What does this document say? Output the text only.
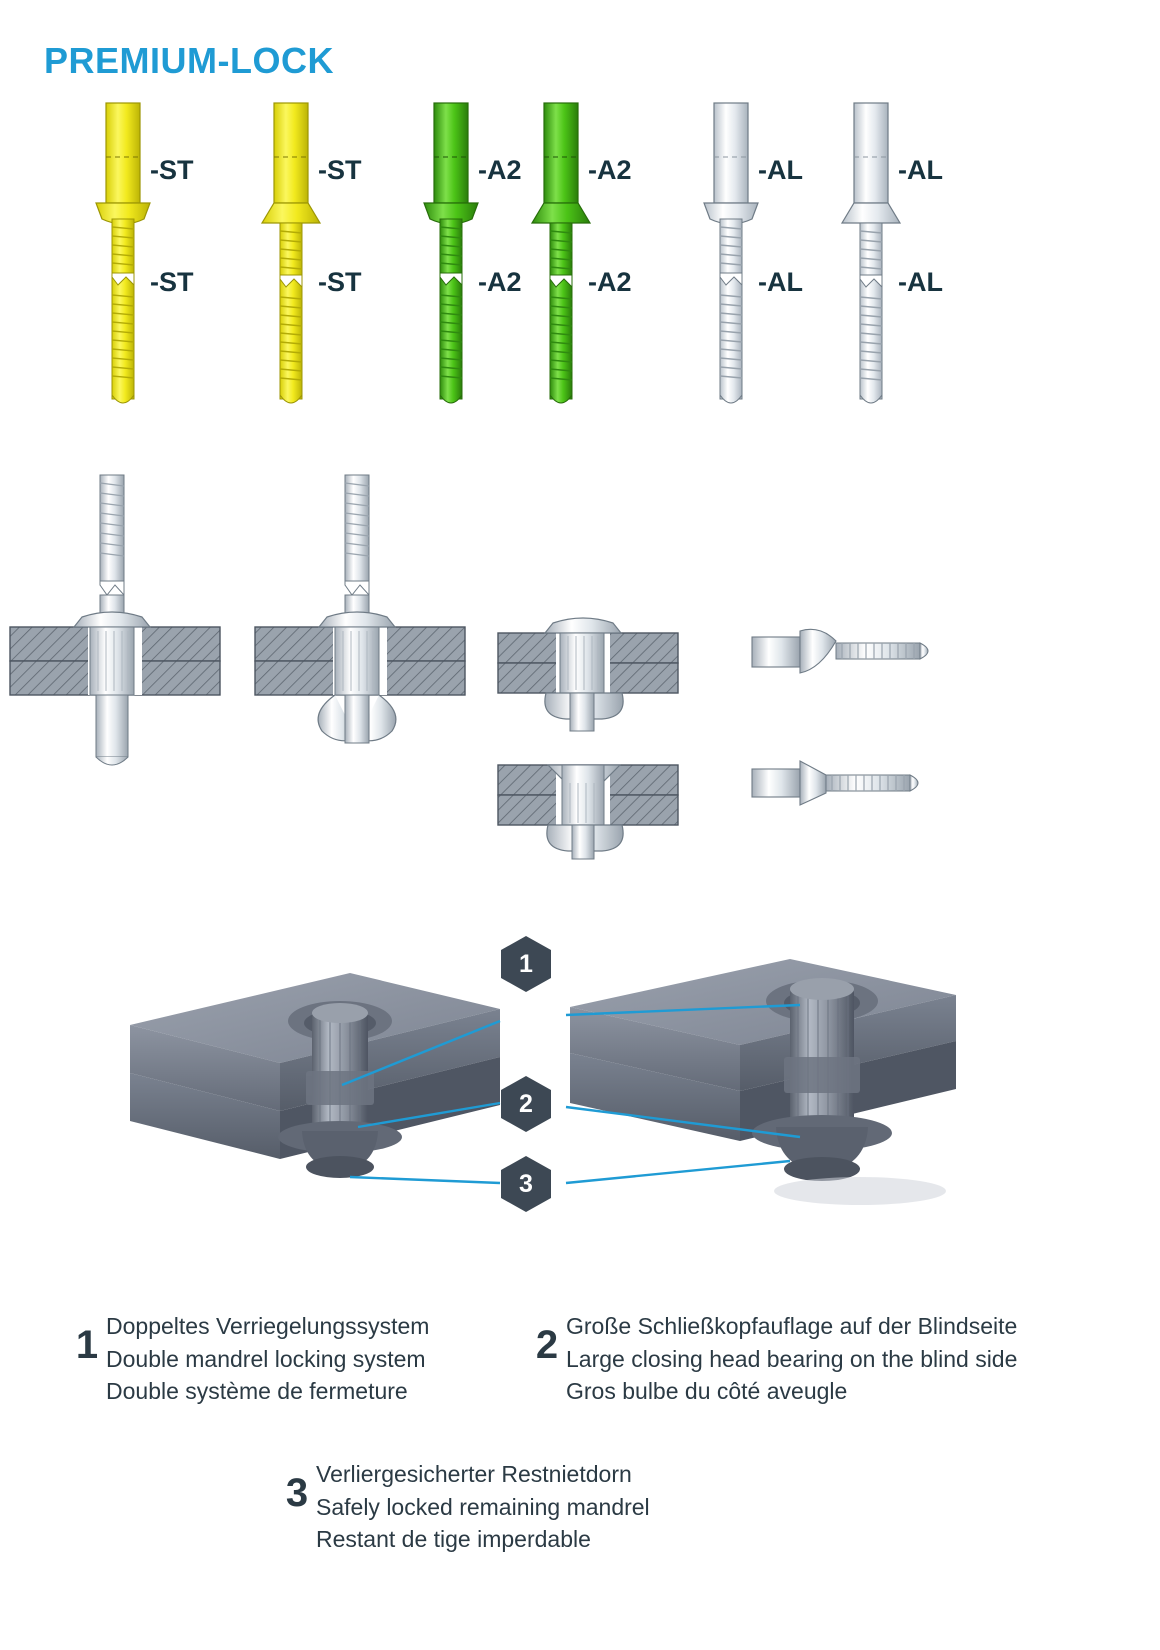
PREMIUM-LOCK
-ST
-ST
-ST
-ST
-A2
-A2
-A2
-A2
-AL
-AL
-AL
-AL
1
2
3
1 Doppeltes Verriegelungssystem
Double mandrel locking system
Double système de fermeture
2 Große Schließkopfauflage auf der Blindseite
Large closing head bearing on the blind side
Gros bulbe du côté aveugle
3 Verliergesicherter Restnietdorn
Safely locked remaining mandrel
Restant de tige imperdable
